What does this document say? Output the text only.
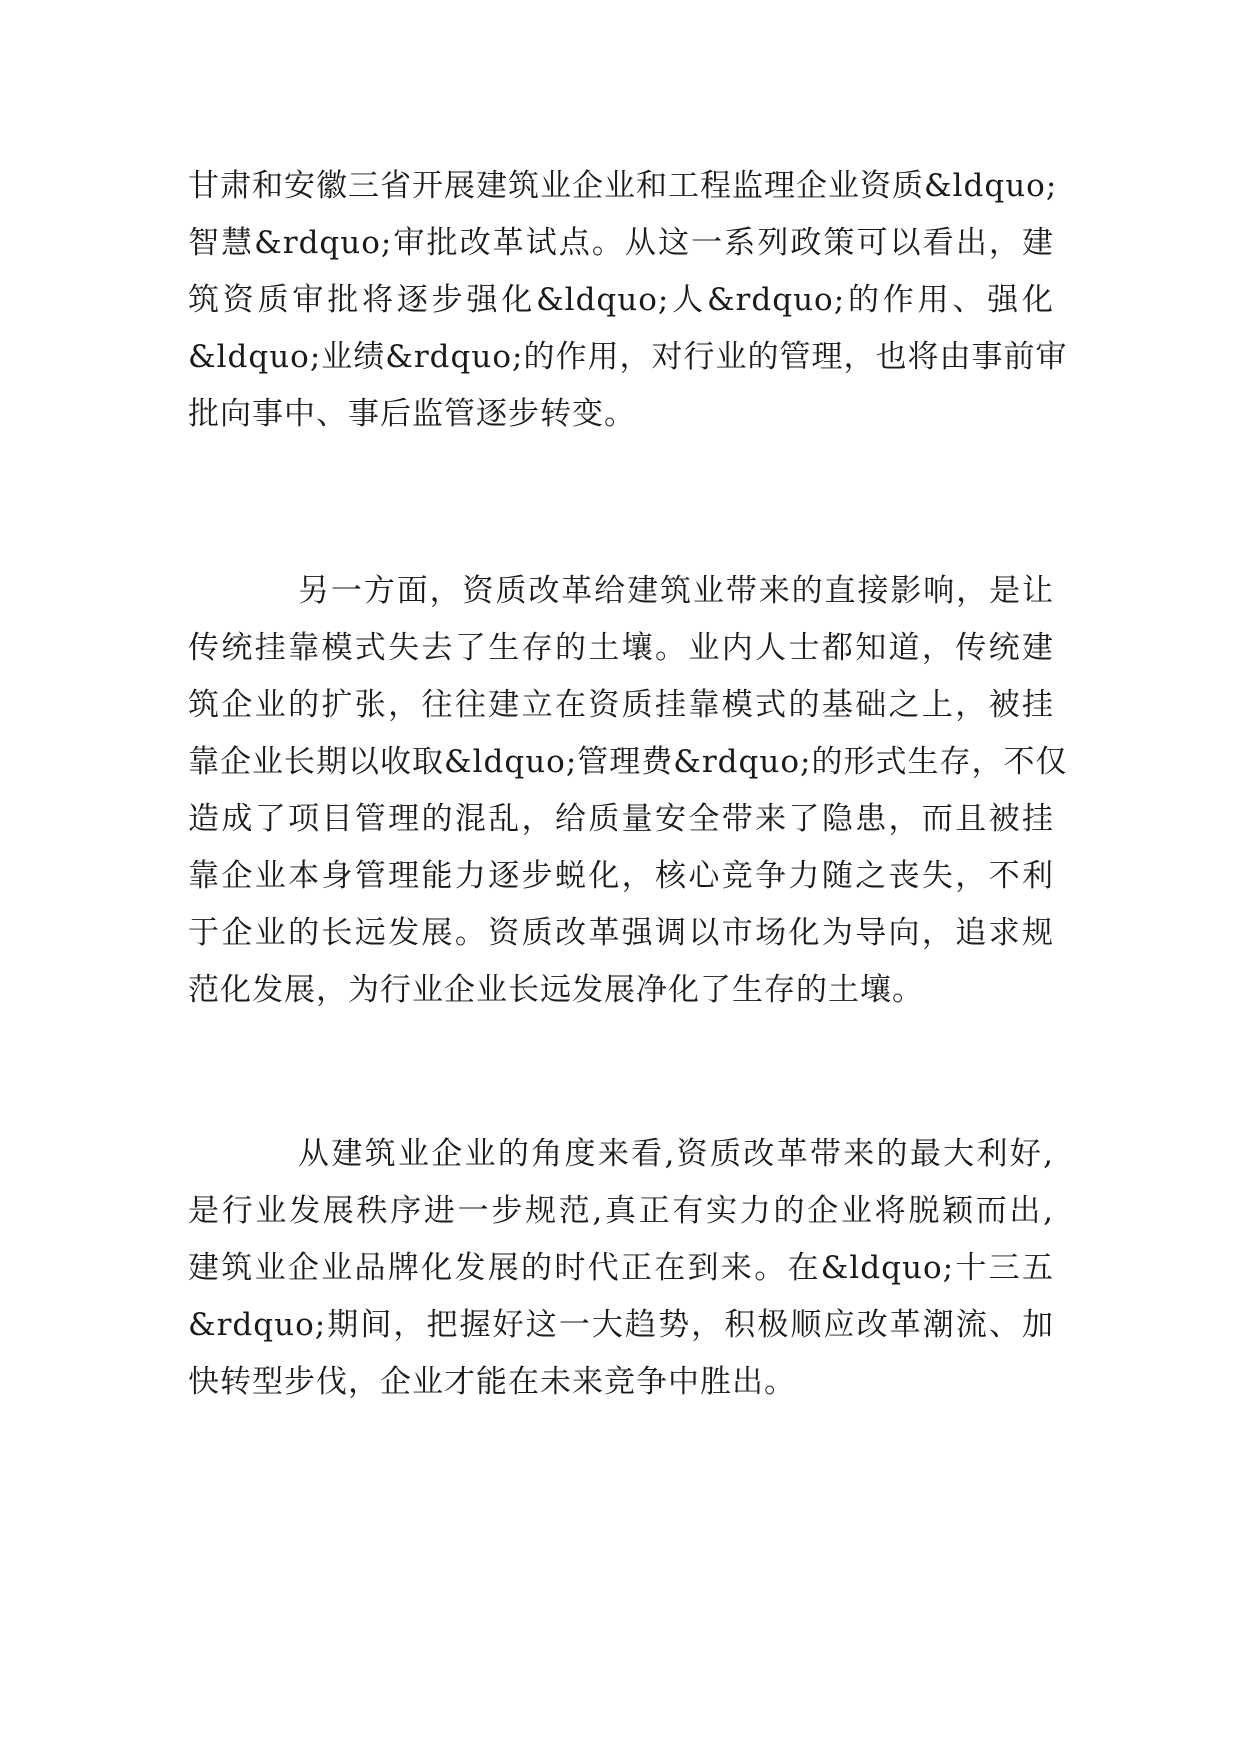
甘肃和安徽三省开展建筑业企业和工程监理企业资质&ldquo;
智慧&rdquo;审批改革试点。从这一系列政策可以看出，建
筑资质审批将逐步强化&ldquo;人&rdquo;的作用、强化
&ldquo;业绩&rdquo;的作用，对行业的管理，也将由事前审
批向事中、事后监管逐步转变。
另一方面，资质改革给建筑业带来的直接影响，是让
传统挂靠模式失去了生存的土壤。业内人士都知道，传统建
筑企业的扩张，往往建立在资质挂靠模式的基础之上，被挂
靠企业长期以收取&ldquo;管理费&rdquo;的形式生存，不仅
造成了项目管理的混乱，给质量安全带来了隐患，而且被挂
靠企业本身管理能力逐步蜕化，核心竞争力随之丧失，不利
于企业的长远发展。资质改革强调以市场化为导向，追求规
范化发展，为行业企业长远发展净化了生存的土壤。
从建筑业企业的角度来看,资质改革带来的最大利好,
是行业发展秩序进一步规范,真正有实力的企业将脱颖而出,
建筑业企业品牌化发展的时代正在到来。在&ldquo;十三五
&rdquo;期间，把握好这一大趋势，积极顺应改革潮流、加
快转型步伐，企业才能在未来竞争中胜出。
